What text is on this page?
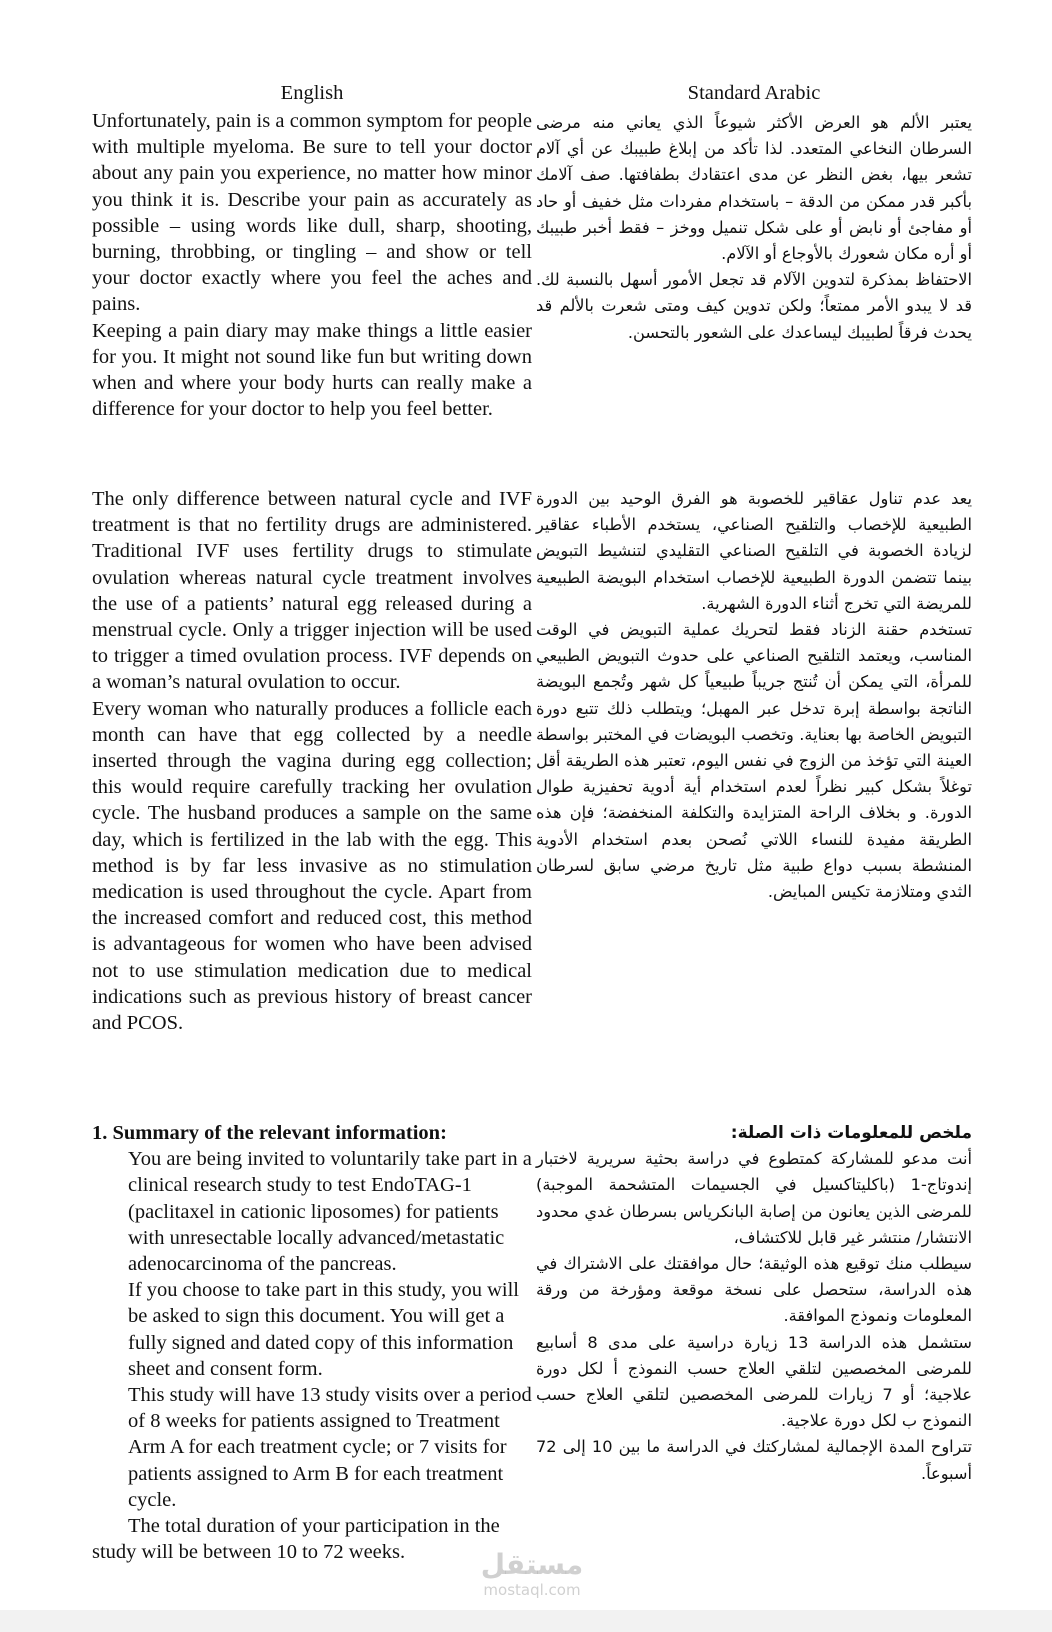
English	Standard Arabic

Unfortunately, pain is a common symptom for people with multiple myeloma. Be sure to tell your doctor about any pain you experience, no matter how minor you think it is. Describe your pain as accurately as possible – using words like dull, sharp, shooting, burning, throbbing, or tingling – and show or tell your doctor exactly where you feel the aches and pains.

Keeping a pain diary may make things a little easier for you. It might not sound like fun but writing down when and where your body hurts can really make a difference for your doctor to help you feel better.

يعتبر الألم هو العرض الأكثر شيوعاً الذي يعاني منه مرضى السرطان النخاعي المتعدد. لذا تأكد من إبلاغ طبيبك عن أي آلام تشعر بيها، بغض النظر عن مدى اعتقادك بطفافتها. صف آلامك بأكبر قدر ممكن من الدقة – باستخدام مفردات مثل خفيف أو حاد أو مفاجئ أو نابض أو على شكل تنميل ووخز – فقط أخبر طبيبك أو أره مكان شعورك بالأوجاع أو الآلام.

الاحتفاظ بمذكرة لتدوين الآلام قد تجعل الأمور أسهل بالنسبة لك. قد لا يبدو الأمر ممتعاً؛ ولكن تدوين كيف ومتى شعرت بالألم قد يحدث فرقاً لطبيبك ليساعدك على الشعور بالتحسن.

The only difference between natural cycle and IVF treatment is that no fertility drugs are administered. Traditional IVF uses fertility drugs to stimulate ovulation whereas natural cycle treatment involves the use of a patients’ natural egg released during a menstrual cycle. Only a trigger injection will be used to trigger a timed ovulation process. IVF depends on a woman’s natural ovulation to occur.

Every woman who naturally produces a follicle each month can have that egg collected by a needle inserted through the vagina during egg collection; this would require carefully tracking her ovulation cycle. The husband produces a sample on the same day, which is fertilized in the lab with the egg. This method is by far less invasive as no stimulation medication is used throughout the cycle. Apart from the increased comfort and reduced cost, this method is advantageous for women who have been advised not to use stimulation medication due to medical indications such as previous history of breast cancer and PCOS.

يعد عدم تناول عقاقير للخصوبة هو الفرق الوحيد بين الدورة الطبيعية للإخصاب والتلقيح الصناعي، يستخدم الأطباء عقاقير لزيادة الخصوبة في التلقيح الصناعي التقليدي لتنشيط التبويض بينما تتضمن الدورة الطبيعية للإخصاب استخدام البويضة الطبيعية للمريضة التي تخرج أثناء الدورة الشهرية.

تستخدم حقنة الزناد فقط لتحريك عملية التبويض في الوقت المناسب، ويعتمد التلقيح الصناعي على حدوث التبويض الطبيعي للمرأة، التي يمكن أن تُنتج جريباً طبيعياً كل شهر وتُجمع البويضة الناتجة بواسطة إبرة تدخل عبر المهبل؛ ويتطلب ذلك تتبع دورة التبويض الخاصة بها بعناية. وتخصب البويضات في المختبر بواسطة العينة التي تؤخذ من الزوج في نفس اليوم، تعتبر هذه الطريقة أقل توغلاً بشكل كبير نظراً لعدم استخدام أية أدوية تحفيزية طوال الدورة. و بخلاف الراحة المتزايدة والتكلفة المنخفضة؛ فإن هذه الطريقة مفيدة للنساء اللاتي نُصحن بعدم استخدام الأدوية المنشطة بسبب دواع طبية مثل تاريخ مرضي سابق لسرطان الثدي ومتلازمة تكيس المبايض.

1. Summary of the relevant information:

You are being invited to voluntarily take part in a clinical research study to test EndoTAG-1 (paclitaxel in cationic liposomes) for patients with unresectable locally advanced/metastatic adenocarcinoma of the pancreas.

If you choose to take part in this study, you will be asked to sign this document. You will get a fully signed and dated copy of this information sheet and consent form.

This study will have 13 study visits over a period of 8 weeks for patients assigned to Treatment Arm A for each treatment cycle; or 7 visits for patients assigned to Arm B for each treatment cycle.

The total duration of your participation in the study will be between 10 to 72 weeks.

ملخص للمعلومات ذات الصلة:

أنت مدعو للمشاركة كمتطوع في دراسة بحثية سريرية لاختبار إندوتاج-1 (باكليتاكسيل في الجسيمات المتشحمة الموجبة) للمرضى الذين يعانون من إصابة البانكرياس بسرطان غدي محدود الانتشار/ منتشر غير قابل للاكتشاف،

سيطلب منك توقيع هذه الوثيقة؛ حال موافقتك على الاشتراك في هذه الدراسة، ستحصل على نسخة موقعة ومؤرخة من ورقة المعلومات ونموذج الموافقة.

ستشمل هذه الدراسة 13 زيارة دراسية على مدى 8 أسابيع للمرضى المخصصين لتلقي العلاج حسب النموذج أ لكل دورة علاجية؛ أو 7 زيارات للمرضى المخصصين لتلقي العلاج حسب النموذج ب لكل دورة علاجية.

تتراوح المدة الإجمالية لمشاركتك في الدراسة ما بين 10 إلى 72 أسبوعاً.

مستقل
mostaql.com
